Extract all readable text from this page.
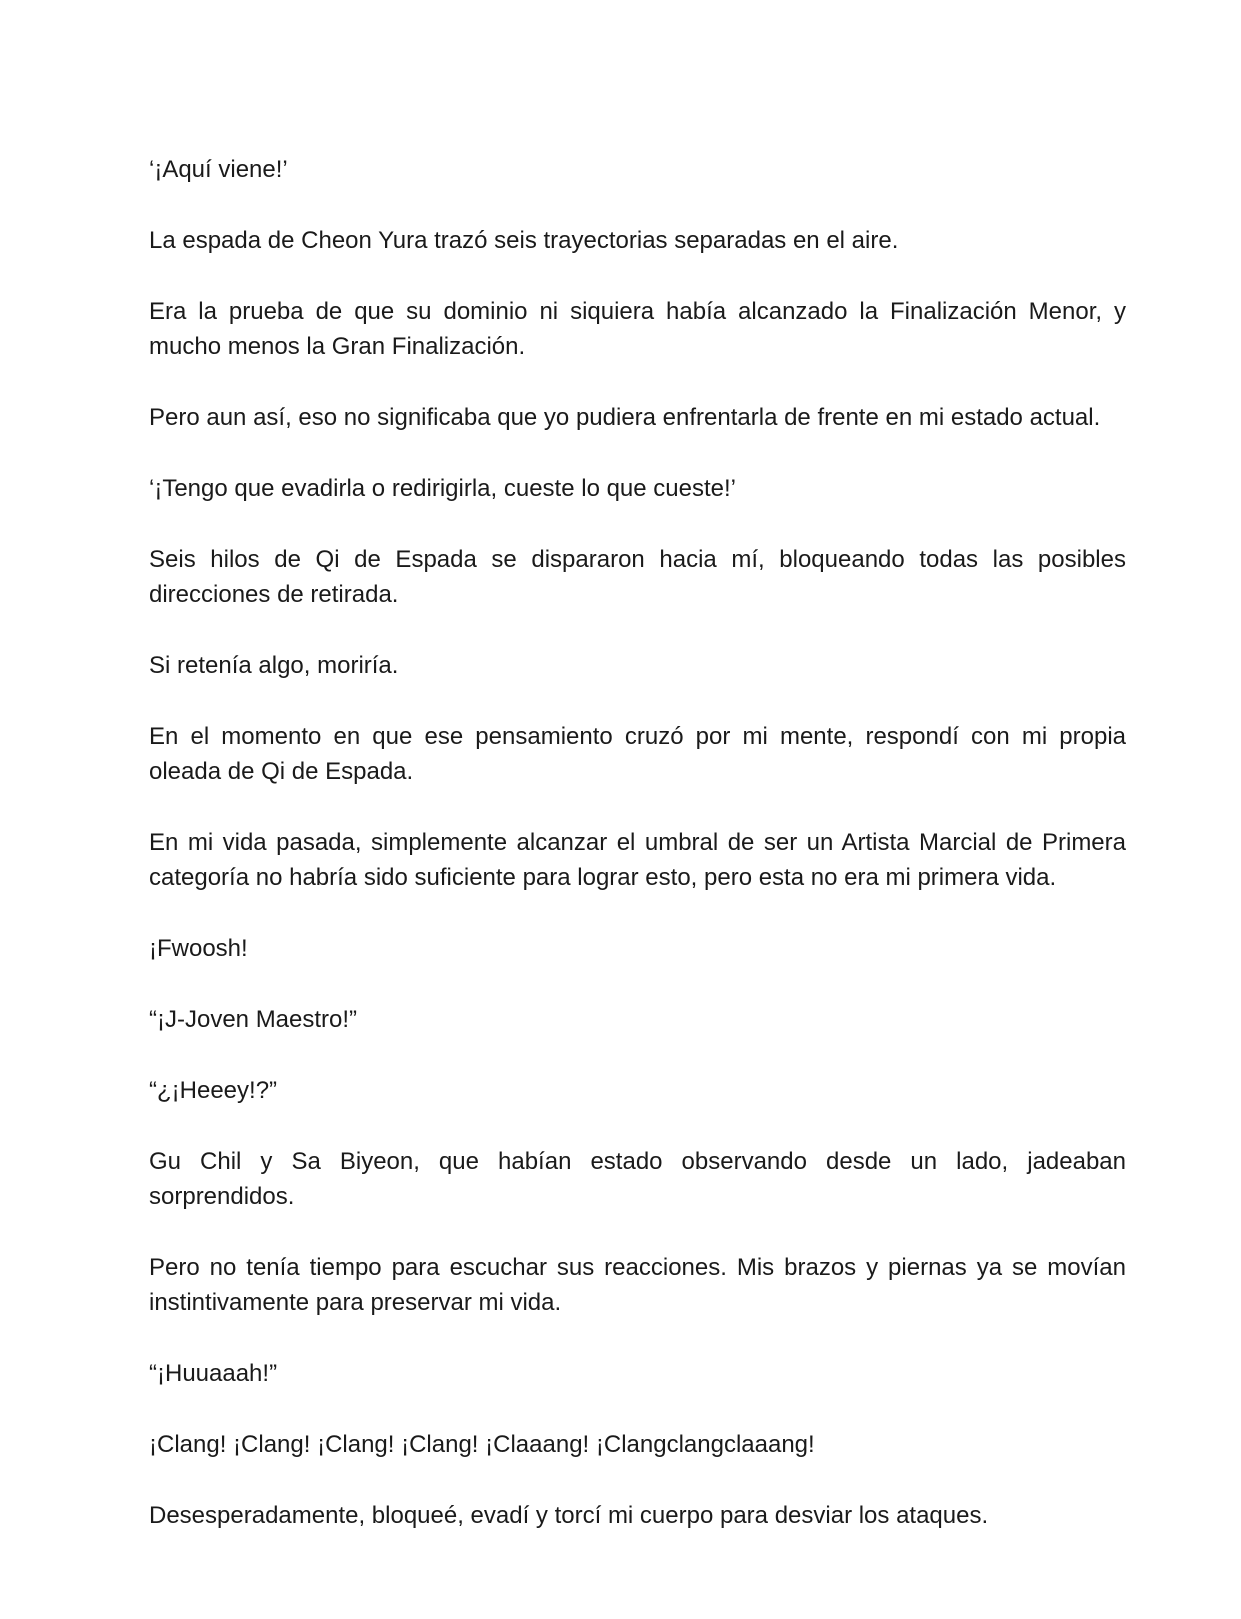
‘¡Aquí viene!’

La espada de Cheon Yura trazó seis trayectorias separadas en el aire.

Era la prueba de que su dominio ni siquiera había alcanzado la Finalización Menor, y mucho menos la Gran Finalización.

Pero aun así, eso no significaba que yo pudiera enfrentarla de frente en mi estado actual.

‘¡Tengo que evadirla o redirigirla, cueste lo que cueste!’

Seis hilos de Qi de Espada se dispararon hacia mí, bloqueando todas las posibles direcciones de retirada.

Si retenía algo, moriría.

En el momento en que ese pensamiento cruzó por mi mente, respondí con mi propia oleada de Qi de Espada.

En mi vida pasada, simplemente alcanzar el umbral de ser un Artista Marcial de Primera categoría no habría sido suficiente para lograr esto, pero esta no era mi primera vida.

¡Fwoosh!

“¡J-Joven Maestro!”

“¿¡Heeey!?”

Gu Chil y Sa Biyeon, que habían estado observando desde un lado, jadeaban sorprendidos.

Pero no tenía tiempo para escuchar sus reacciones. Mis brazos y piernas ya se movían instintivamente para preservar mi vida.

“¡Huuaaah!”

¡Clang! ¡Clang! ¡Clang! ¡Clang! ¡Claaang! ¡Clangclangclaaang!

Desesperadamente, bloqueé, evadí y torcí mi cuerpo para desviar los ataques.
